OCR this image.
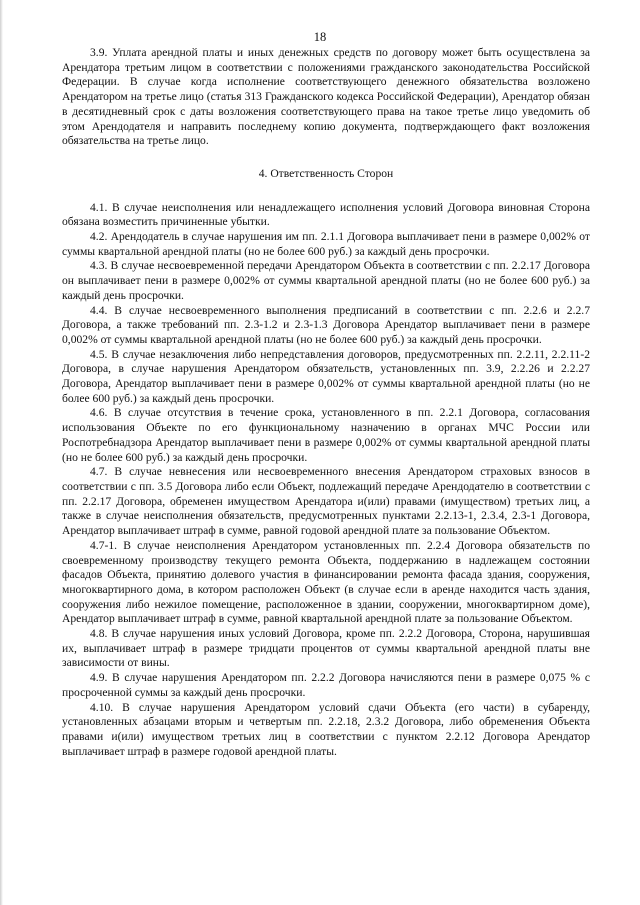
18

3.9. Уплата арендной платы и иных денежных средств по договору может быть осуществлена за Арендатора третьим лицом в соответствии с положениями гражданского законодательства Российской Федерации. В случае когда исполнение соответствующего денежного обязательства возложено Арендатором на третье лицо (статья 313 Гражданского кодекса Российской Федерации), Арендатор обязан в десятидневный срок с даты возложения соответствующего права на такое третье лицо уведомить об этом Арендодателя и направить последнему копию документа, подтверждающего факт возложения обязательства на третье лицо.

4. Ответственность Сторон

4.1. В случае неисполнения или ненадлежащего исполнения условий Договора виновная Сторона обязана возместить причиненные убытки.

4.2. Арендодатель в случае нарушения им пп. 2.1.1 Договора выплачивает пени в размере 0,002% от суммы квартальной арендной платы (но не более 600 руб.) за каждый день просрочки.

4.3. В случае несвоевременной передачи Арендатором Объекта в соответствии с пп. 2.2.17 Договора он выплачивает пени в размере 0,002% от суммы квартальной арендной платы (но не более 600 руб.) за каждый день просрочки.

4.4. В случае несвоевременного выполнения предписаний в соответствии с пп. 2.2.6 и 2.2.7 Договора, а также требований пп. 2.3-1.2 и 2.3-1.3 Договора Арендатор выплачивает пени в размере 0,002% от суммы квартальной арендной платы (но не более 600 руб.) за каждый день просрочки.

4.5. В случае незаключения либо непредставления договоров, предусмотренных пп. 2.2.11, 2.2.11-2 Договора, в случае нарушения Арендатором обязательств, установленных пп. 3.9, 2.2.26 и 2.2.27 Договора, Арендатор выплачивает пени в размере 0,002% от суммы квартальной арендной платы (но не более 600 руб.) за каждый день просрочки.

4.6. В случае отсутствия в течение срока, установленного в пп. 2.2.1 Договора, согласования использования Объекте по его функциональному назначению в органах МЧС России или Роспотребнадзора Арендатор выплачивает пени в размере 0,002% от суммы квартальной арендной платы (но не более 600 руб.) за каждый день просрочки.

4.7. В случае невнесения или несвоевременного внесения Арендатором страховых взносов в соответствии с пп. 3.5 Договора либо если Объект, подлежащий передаче Арендодателю в соответствии с пп. 2.2.17 Договора, обременен имуществом Арендатора и(или) правами (имуществом) третьих лиц, а также в случае неисполнения обязательств, предусмотренных пунктами 2.2.13-1, 2.3.4, 2.3-1 Договора, Арендатор выплачивает штраф в сумме, равной годовой арендной плате за пользование Объектом.

4.7-1. В случае неисполнения Арендатором установленных пп. 2.2.4 Договора обязательств по своевременному производству текущего ремонта Объекта, поддержанию в надлежащем состоянии фасадов Объекта, принятию долевого участия в финансировании ремонта фасада здания, сооружения, многоквартирного дома, в котором расположен Объект (в случае если в аренде находится часть здания, сооружения либо нежилое помещение, расположенное в здании, сооружении, многоквартирном доме), Арендатор выплачивает штраф в сумме, равной квартальной арендной плате за пользование Объектом.

4.8. В случае нарушения иных условий Договора, кроме пп. 2.2.2 Договора, Сторона, нарушившая их, выплачивает штраф в размере тридцати процентов от суммы квартальной арендной платы вне зависимости от вины.

4.9. В случае нарушения Арендатором пп. 2.2.2 Договора начисляются пени в размере 0,075 % с просроченной суммы за каждый день просрочки.

4.10. В случае нарушения Арендатором условий сдачи Объекта (его части) в субаренду, установленных абзацами вторым и четвертым пп. 2.2.18, 2.3.2 Договора, либо обременения Объекта правами и(или) имуществом третьих лиц в соответствии с пунктом 2.2.12 Договора Арендатор выплачивает штраф в размере годовой арендной платы.
